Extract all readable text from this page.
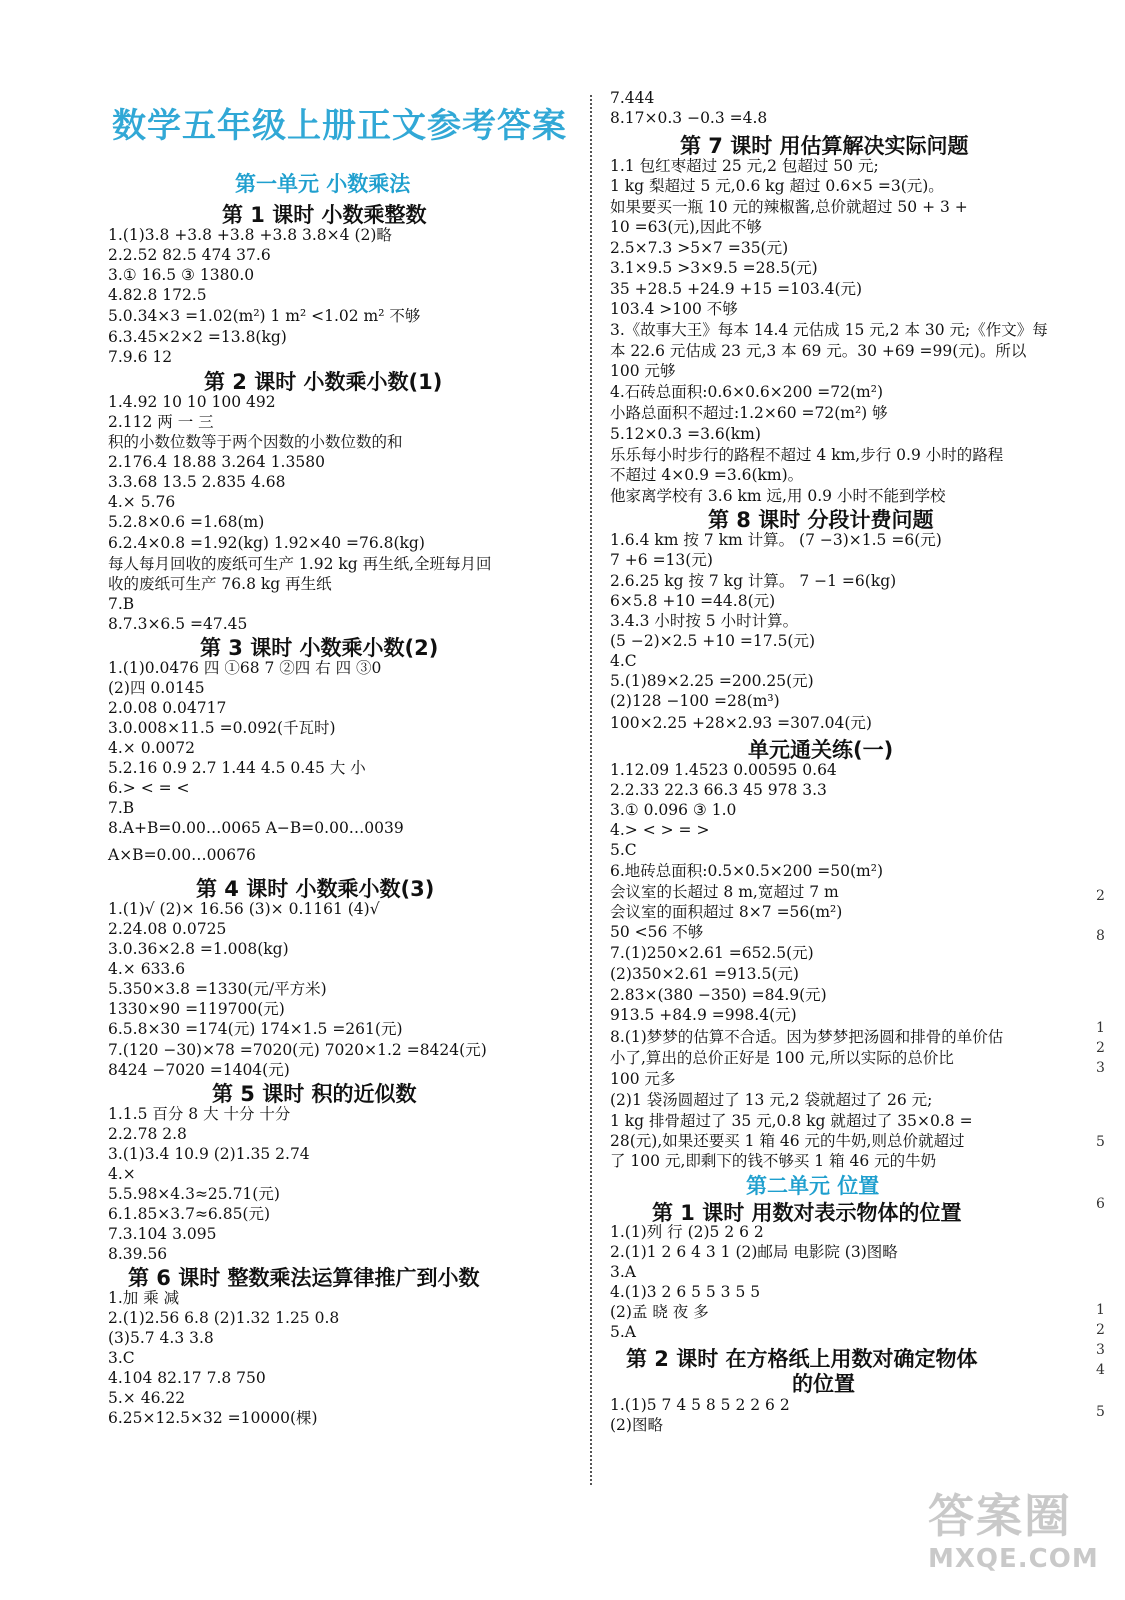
数学五年级上册正文参考答案
第一单元 小数乘法
第 1 课时 小数乘整数
1.(1)3.8 +3.8 +3.8 +3.8 3.8×4 (2)略
2.2.52 82.5 474 37.6
3.① 16.5 ③ 1380.0
4.82.8 172.5
5.0.34×3 =1.02(m²) 1 m² <1.02 m² 不够
6.3.45×2×2 =13.8(kg)
7.9.6 12
第 2 课时 小数乘小数(1)
1.4.92 10 10 100 492
2.112 两 一 三
积的小数位数等于两个因数的小数位数的和
2.176.4 18.88 3.264 1.3580
3.3.68 13.5 2.835 4.68
4.× 5.76
5.2.8×0.6 =1.68(m)
6.2.4×0.8 =1.92(kg) 1.92×40 =76.8(kg)
每人每月回收的废纸可生产 1.92 kg 再生纸,全班每月回
收的废纸可生产 76.8 kg 再生纸
7.B
8.7.3×6.5 =47.45
第 3 课时 小数乘小数(2)
1.(1)0.0476 四 ①68 7 ②四 右 四 ③0
(2)四 0.0145
2.0.08 0.04717
3.0.008×11.5 =0.092(千瓦时)
4.× 0.0072
5.2.16 0.9 2.7 1.44 4.5 0.45 大 小
6.> < = <
7.B
8.A+B=0.00…0065 A−B=0.00…0039
A×B=0.00…00676
第 4 课时 小数乘小数(3)
1.(1)√ (2)× 16.56 (3)× 0.1161 (4)√
2.24.08 0.0725
3.0.36×2.8 =1.008(kg)
4.× 633.6
5.350×3.8 =1330(元/平方米)
1330×90 =119700(元)
6.5.8×30 =174(元) 174×1.5 =261(元)
7.(120 −30)×78 =7020(元) 7020×1.2 =8424(元)
8424 −7020 =1404(元)
第 5 课时 积的近似数
1.1.5 百分 8 大 十分 十分
2.2.78 2.8
3.(1)3.4 10.9 (2)1.35 2.74
4.×
5.5.98×4.3≈25.71(元)
6.1.85×3.7≈6.85(元)
7.3.104 3.095
8.39.56
第 6 课时 整数乘法运算律推广到小数
1.加 乘 减
2.(1)2.56 6.8 (2)1.32 1.25 0.8
(3)5.7 4.3 3.8
3.C
4.104 82.17 7.8 750
5.× 46.22
6.25×12.5×32 =10000(棵)
7.444
8.17×0.3 −0.3 =4.8
第 7 课时 用估算解决实际问题
1.1 包红枣超过 25 元,2 包超过 50 元;
1 kg 梨超过 5 元,0.6 kg 超过 0.6×5 =3(元)。
如果要买一瓶 10 元的辣椒酱,总价就超过 50 + 3 +
10 =63(元),因此不够
2.5×7.3 >5×7 =35(元)
3.1×9.5 >3×9.5 =28.5(元)
35 +28.5 +24.9 +15 =103.4(元)
103.4 >100 不够
3.《故事大王》每本 14.4 元估成 15 元,2 本 30 元;《作文》每
本 22.6 元估成 23 元,3 本 69 元。30 +69 =99(元)。所以
100 元够
4.石砖总面积:0.6×0.6×200 =72(m²)
小路总面积不超过:1.2×60 =72(m²) 够
5.12×0.3 =3.6(km)
乐乐每小时步行的路程不超过 4 km,步行 0.9 小时的路程
不超过 4×0.9 =3.6(km)。
他家离学校有 3.6 km 远,用 0.9 小时不能到学校
第 8 课时 分段计费问题
1.6.4 km 按 7 km 计算。 (7 −3)×1.5 =6(元)
7 +6 =13(元)
2.6.25 kg 按 7 kg 计算。 7 −1 =6(kg)
6×5.8 +10 =44.8(元)
3.4.3 小时按 5 小时计算。
(5 −2)×2.5 +10 =17.5(元)
4.C
5.(1)89×2.25 =200.25(元)
(2)128 −100 =28(m³)
100×2.25 +28×2.93 =307.04(元)
单元通关练(一)
1.12.09 1.4523 0.00595 0.64
2.2.33 22.3 66.3 45 978 3.3
3.① 0.096 ③ 1.0
4.> < > = >
5.C
6.地砖总面积:0.5×0.5×200 =50(m²)
会议室的长超过 8 m,宽超过 7 m
会议室的面积超过 8×7 =56(m²)
50 <56 不够
7.(1)250×2.61 =652.5(元)
(2)350×2.61 =913.5(元)
2.83×(380 −350) =84.9(元)
913.5 +84.9 =998.4(元)
8.(1)梦梦的估算不合适。因为梦梦把汤圆和排骨的单价估
小了,算出的总价正好是 100 元,所以实际的总价比
100 元多
(2)1 袋汤圆超过了 13 元,2 袋就超过了 26 元;
1 kg 排骨超过了 35 元,0.8 kg 就超过了 35×0.8 =
28(元),如果还要买 1 箱 46 元的牛奶,则总价就超过
了 100 元,即剩下的钱不够买 1 箱 46 元的牛奶
第二单元 位置
第 1 课时 用数对表示物体的位置
1.(1)列 行 (2)5 2 6 2
2.(1)1 2 6 4 3 1 (2)邮局 电影院 (3)图略
3.A
4.(1)3 2 6 5 5 3 5 5
(2)孟 晓 夜 多
5.A
第 2 课时 在方格纸上用数对确定物体
的位置
1.(1)5 7 4 5 8 5 2 2 6 2
(2)图略
2
8
1
2
3
5
6
1
2
3
4
5
答案圈
MXQE.COM
